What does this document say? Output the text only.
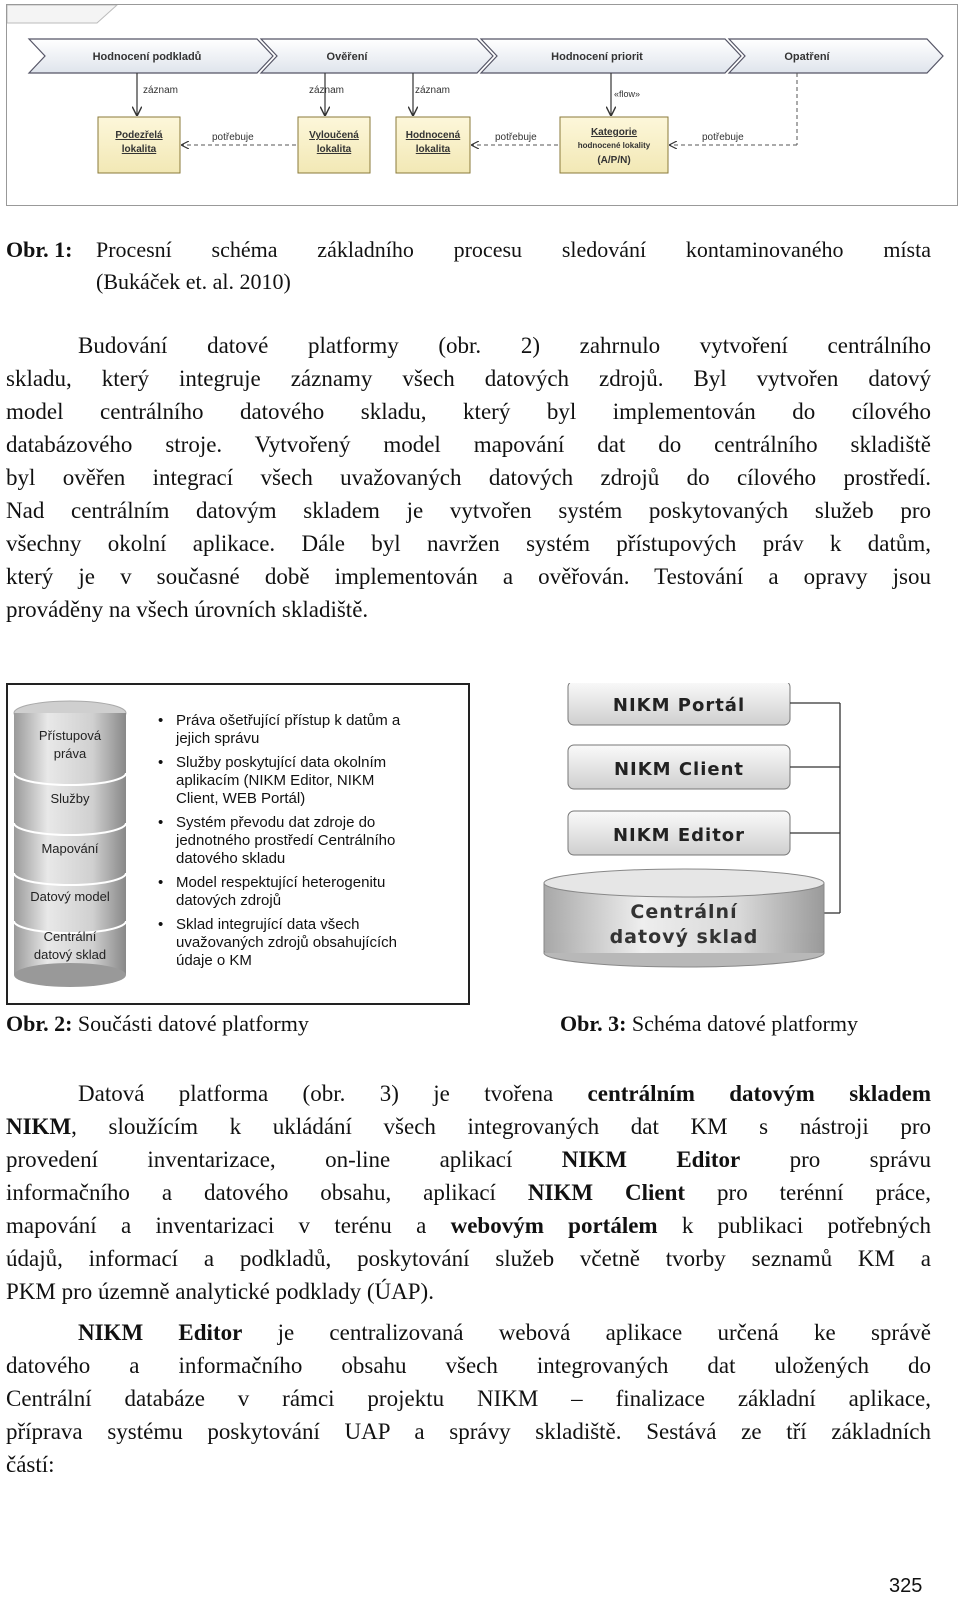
Hodnocení podkladů	Ověření	Hodnocení priorit	Opatření
záznam	záznam	záznam	«flow»
Podezřelá
lokalita
Vyloučená
lokalita
Hodnocená
lokalita
Kategorie
hodnocené lokality
(A/P/N)
potřebuje	potřebuje	potřebuje
Obr. 1:	Procesní schéma základního procesu sledování kontaminovaného místa
(Bukáček et. al. 2010)
Budování datové platformy (obr. 2) zahrnulo vytvoření centrálního
skladu, který integruje záznamy všech datových zdrojů. Byl vytvořen datový
model centrálního datového skladu, který byl implementován do cílového
databázového stroje. Vytvořený model mapování dat do centrálního skladiště
byl ověřen integrací všech uvažovaných datových zdrojů do cílového prostředí.
Nad centrálním datovým skladem je vytvořen systém poskytovaných služeb pro
všechny okolní aplikace. Dále byl navržen systém přístupových práv k datům,
který je v současné době implementován a ověřován. Testování a opravy jsou
prováděny na všech úrovních skladiště.
Přístupová
práva
Služby
Mapování
Datový model
Centrální
datový sklad
• Práva ošetřující přístup k datům a
jejich správu
• Služby poskytující data okolním
aplikacím (NIKM Editor, NIKM
Client, WEB Portál)
• Systém převodu dat zdroje do
jednotného prostředí Centrálního
datového skladu
• Model respektující heterogenitu
datových zdrojů
• Sklad integrující data všech
uvažovaných zdrojů obsahujících
údaje o KM
NIKM Portál
NIKM Client
NIKM Editor
Centrální
datový sklad
Obr. 2: Součásti datové platformy	Obr. 3: Schéma datové platformy
Datová platforma (obr. 3) je tvořena centrálním datovým skladem
NIKM, sloužícím k ukládání všech integrovaných dat KM s nástroji pro
provedení inventarizace, on-line aplikací NIKM Editor pro správu
informačního a datového obsahu, aplikací NIKM Client pro terénní práce,
mapování a inventarizaci v terénu a webovým portálem k publikaci potřebných
údajů, informací a podkladů, poskytování služeb včetně tvorby seznamů KM a
PKM pro územně analytické podklady (ÚAP).
NIKM Editor je centralizovaná webová aplikace určená ke správě
datového a informačního obsahu všech integrovaných dat uložených do
Centrální databáze v rámci projektu NIKM – finalizace základní aplikace,
příprava systému poskytování UAP a správy skladiště. Sestává ze tří základních
částí:
325
